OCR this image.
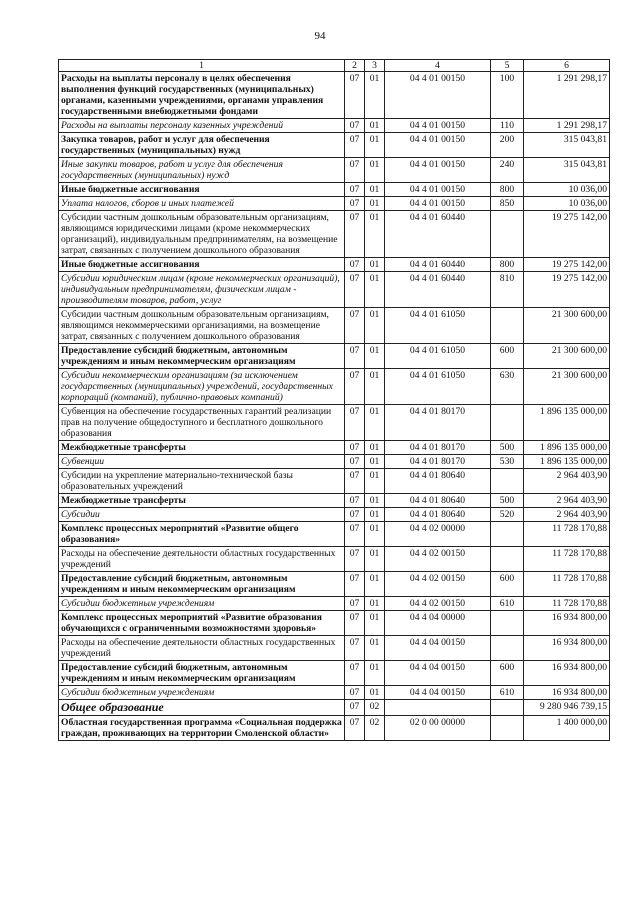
94
1	2	3	4	5	6
Расходы на выплаты персоналу в целях обеспечения выполнения функций государственных (муниципальных) органами, казенными учреждениями, органами управления государственными внебюджетными фондами	07	01	04 4 01 00150	100	1 291 298,17
Расходы на выплаты персоналу казенных учреждений	07	01	04 4 01 00150	110	1 291 298,17
Закупка товаров, работ и услуг для обеспечения государственных (муниципальных) нужд	07	01	04 4 01 00150	200	315 043,81
Иные закупки товаров, работ и услуг для обеспечения государственных (муниципальных) нужд	07	01	04 4 01 00150	240	315 043,81
Иные бюджетные ассигнования	07	01	04 4 01 00150	800	10 036,00
Уплата налогов, сборов и иных платежей	07	01	04 4 01 00150	850	10 036,00
Субсидии частным дошкольным образовательным организациям, являющимся юридическими лицами (кроме некоммерческих организаций), индивидуальным предпринимателям, на возмещение затрат, связанных с получением дошкольного образования	07	01	04 4 01 60440		19 275 142,00
Иные бюджетные ассигнования	07	01	04 4 01 60440	800	19 275 142,00
Субсидии юридическим лицам (кроме некоммерческих организаций), индивидуальным предпринимателям, физическим лицам - производителям товаров, работ, услуг	07	01	04 4 01 60440	810	19 275 142,00
Субсидии частным дошкольным образовательным организациям, являющимся некоммерческими организациями, на возмещение затрат, связанных с получением дошкольного образования	07	01	04 4 01 61050		21 300 600,00
Предоставление субсидий бюджетным, автономным учреждениям и иным некоммерческим организациям	07	01	04 4 01 61050	600	21 300 600,00
Субсидии некоммерческим организациям (за исключением государственных (муниципальных) учреждений, государственных корпораций (компаний), публично-правовых компаний)	07	01	04 4 01 61050	630	21 300 600,00
Субвенция на обеспечение государственных гарантий реализации прав на получение общедоступного и бесплатного дошкольного образования	07	01	04 4 01 80170		1 896 135 000,00
Межбюджетные трансферты	07	01	04 4 01 80170	500	1 896 135 000,00
Субвенции	07	01	04 4 01 80170	530	1 896 135 000,00
Субсидии на укрепление материально-технической базы образовательных учреждений	07	01	04 4 01 80640		2 964 403,90
Межбюджетные трансферты	07	01	04 4 01 80640	500	2 964 403,90
Субсидии	07	01	04 4 01 80640	520	2 964 403,90
Комплекс процессных мероприятий «Развитие общего образования»	07	01	04 4 02 00000		11 728 170,88
Расходы на обеспечение деятельности областных государственных учреждений	07	01	04 4 02 00150		11 728 170,88
Предоставление субсидий бюджетным, автономным учреждениям и иным некоммерческим организациям	07	01	04 4 02 00150	600	11 728 170,88
Субсидии бюджетным учреждениям	07	01	04 4 02 00150	610	11 728 170,88
Комплекс процессных мероприятий «Развитие образования обучающихся с ограниченными возможностями здоровья»	07	01	04 4 04 00000		16 934 800,00
Расходы на обеспечение деятельности областных государственных учреждений	07	01	04 4 04 00150		16 934 800,00
Предоставление субсидий бюджетным, автономным учреждениям и иным некоммерческим организациям	07	01	04 4 04 00150	600	16 934 800,00
Субсидии бюджетным учреждениям	07	01	04 4 04 00150	610	16 934 800,00
Общее образование	07	02			9 280 946 739,15
Областная государственная программа «Социальная поддержка граждан, проживающих на территории Смоленской области»	07	02	02 0 00 00000		1 400 000,00
